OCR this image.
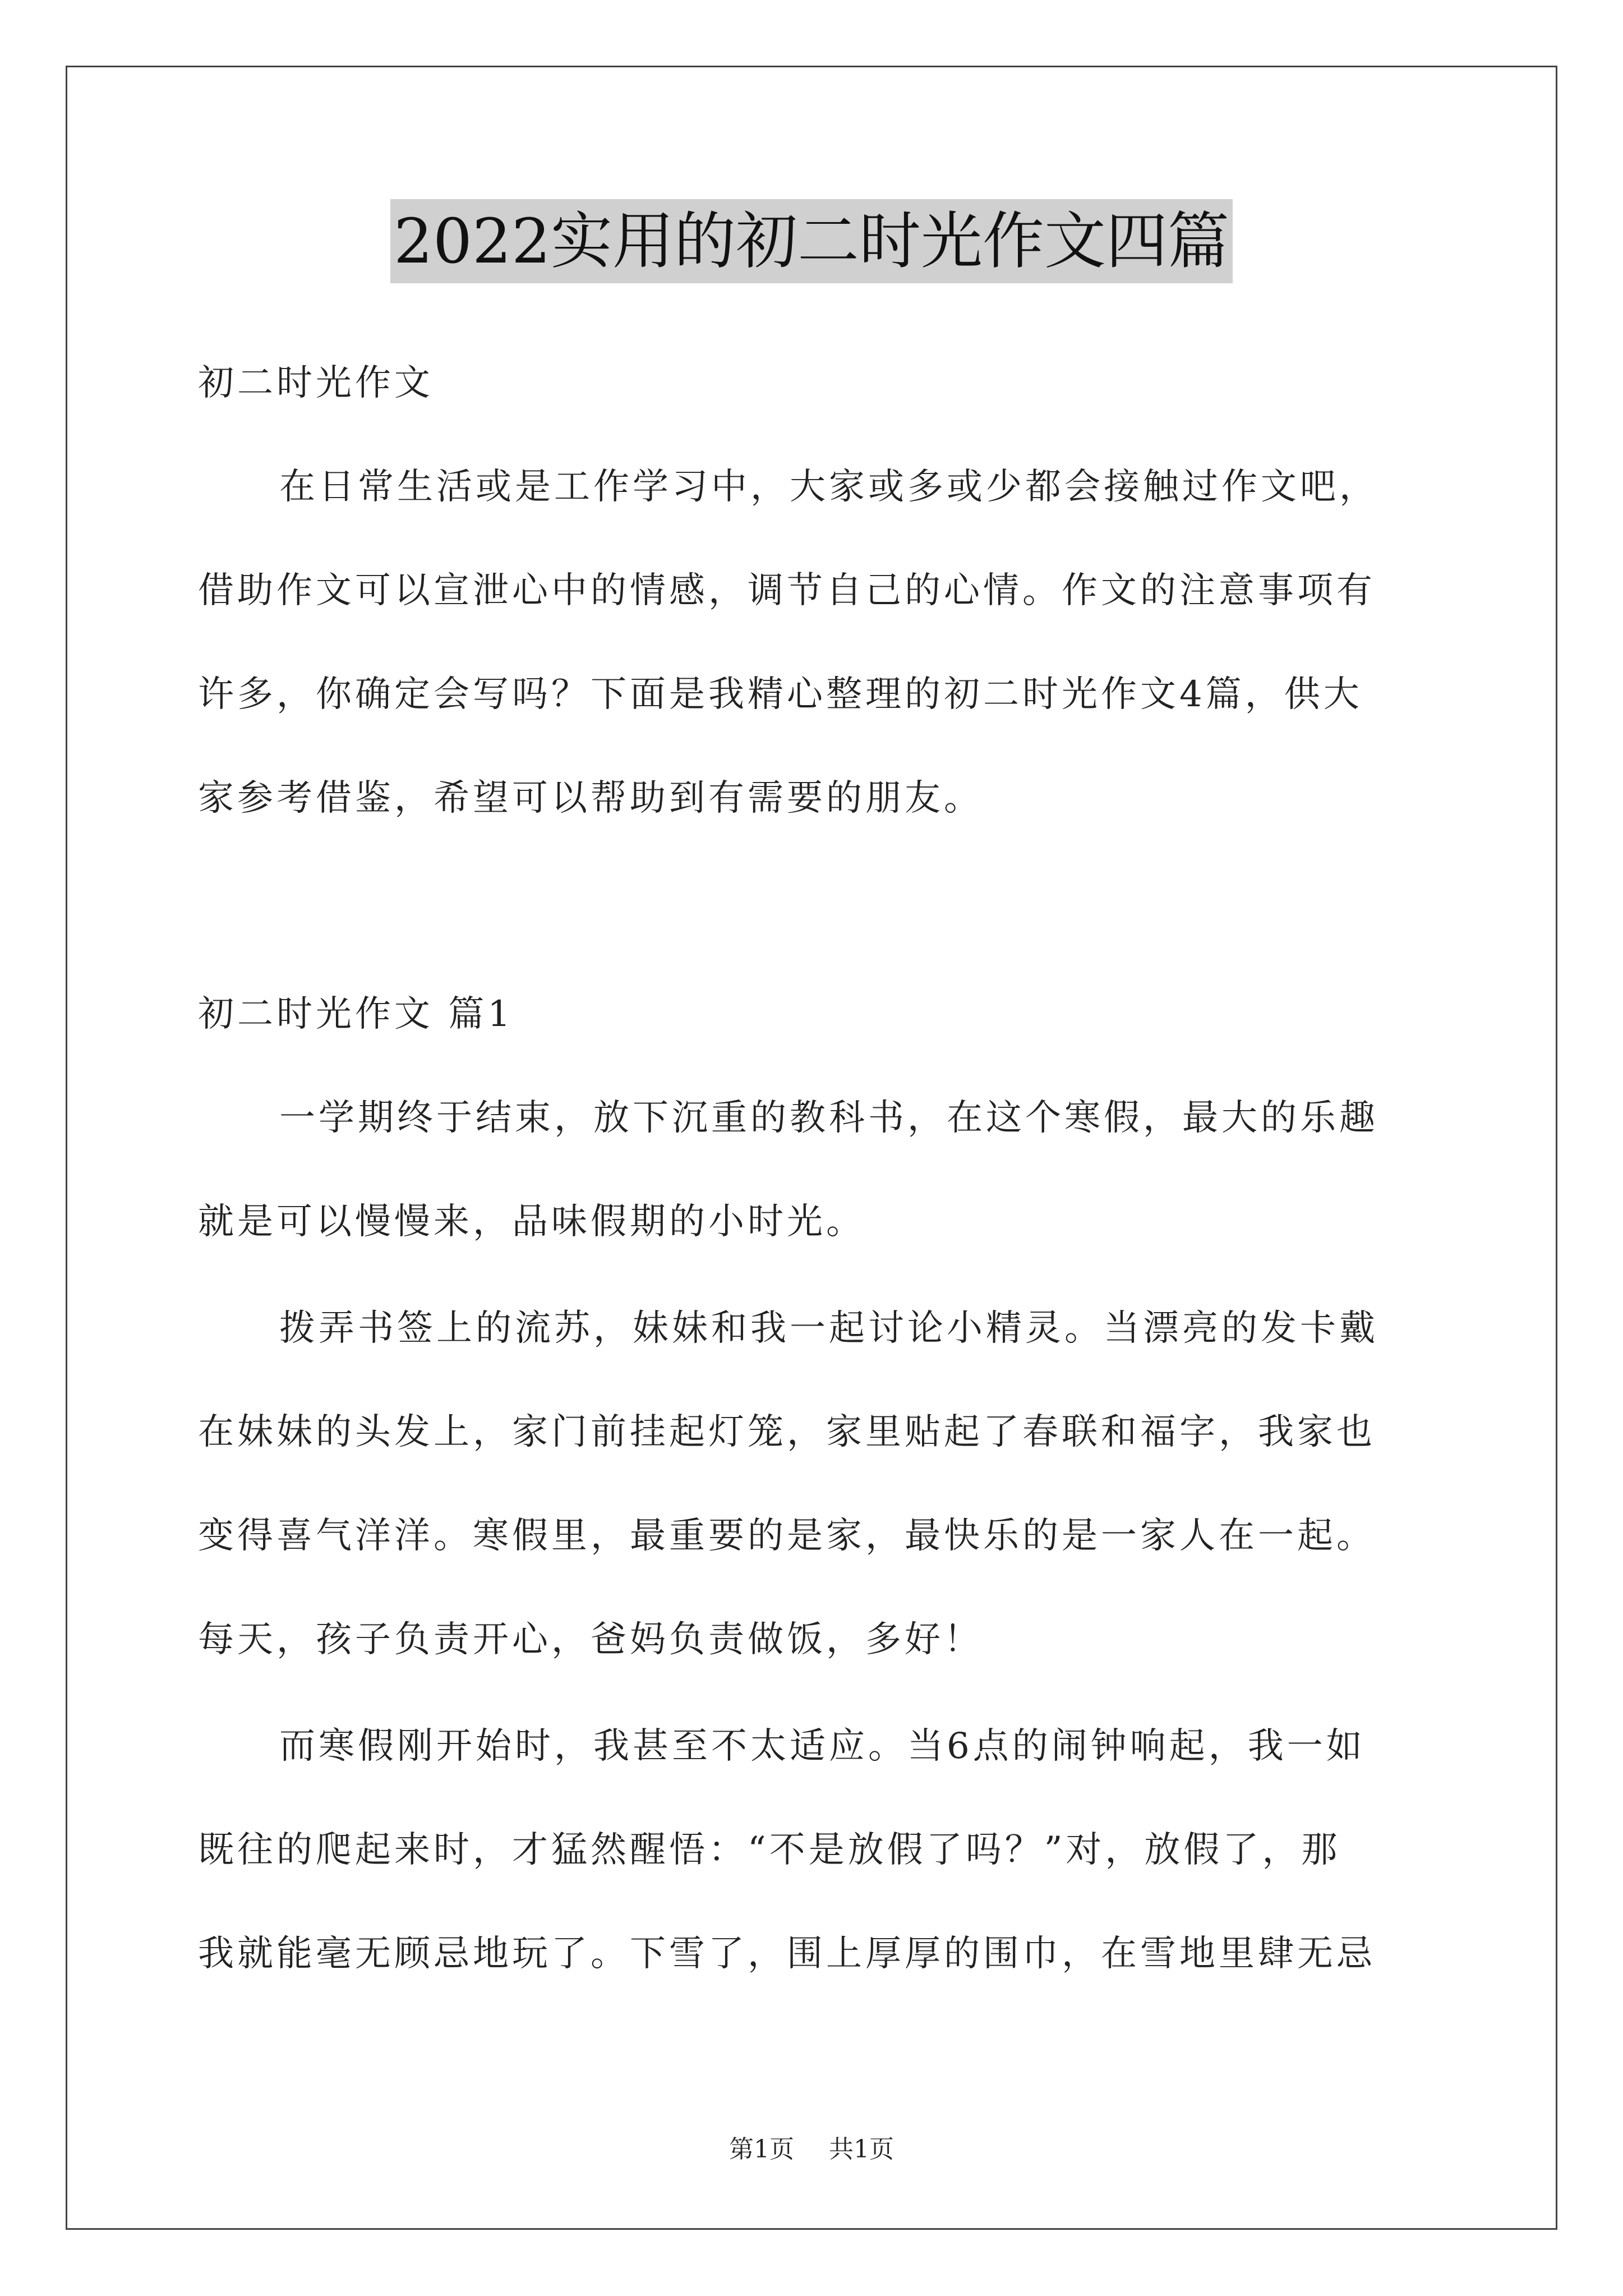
2022实用的初二时光作文四篇
初二时光作文
在日常生活或是工作学习中，大家或多或少都会接触过作文吧，
借助作文可以宣泄心中的情感，调节自己的心情。作文的注意事项有
许多，你确定会写吗？下面是我精心整理的初二时光作文4篇，供大
家参考借鉴，希望可以帮助到有需要的朋友。
初二时光作文 篇1
一学期终于结束，放下沉重的教科书，在这个寒假，最大的乐趣
就是可以慢慢来，品味假期的小时光。
拨弄书签上的流苏，妹妹和我一起讨论小精灵。当漂亮的发卡戴
在妹妹的头发上，家门前挂起灯笼，家里贴起了春联和福字，我家也
变得喜气洋洋。寒假里，最重要的是家，最快乐的是一家人在一起。
每天，孩子负责开心，爸妈负责做饭，多好！
而寒假刚开始时，我甚至不太适应。当6点的闹钟响起，我一如
既往的爬起来时，才猛然醒悟：“不是放假了吗？”对，放假了，那
我就能毫无顾忌地玩了。下雪了，围上厚厚的围巾，在雪地里肆无忌
第1页 共1页
